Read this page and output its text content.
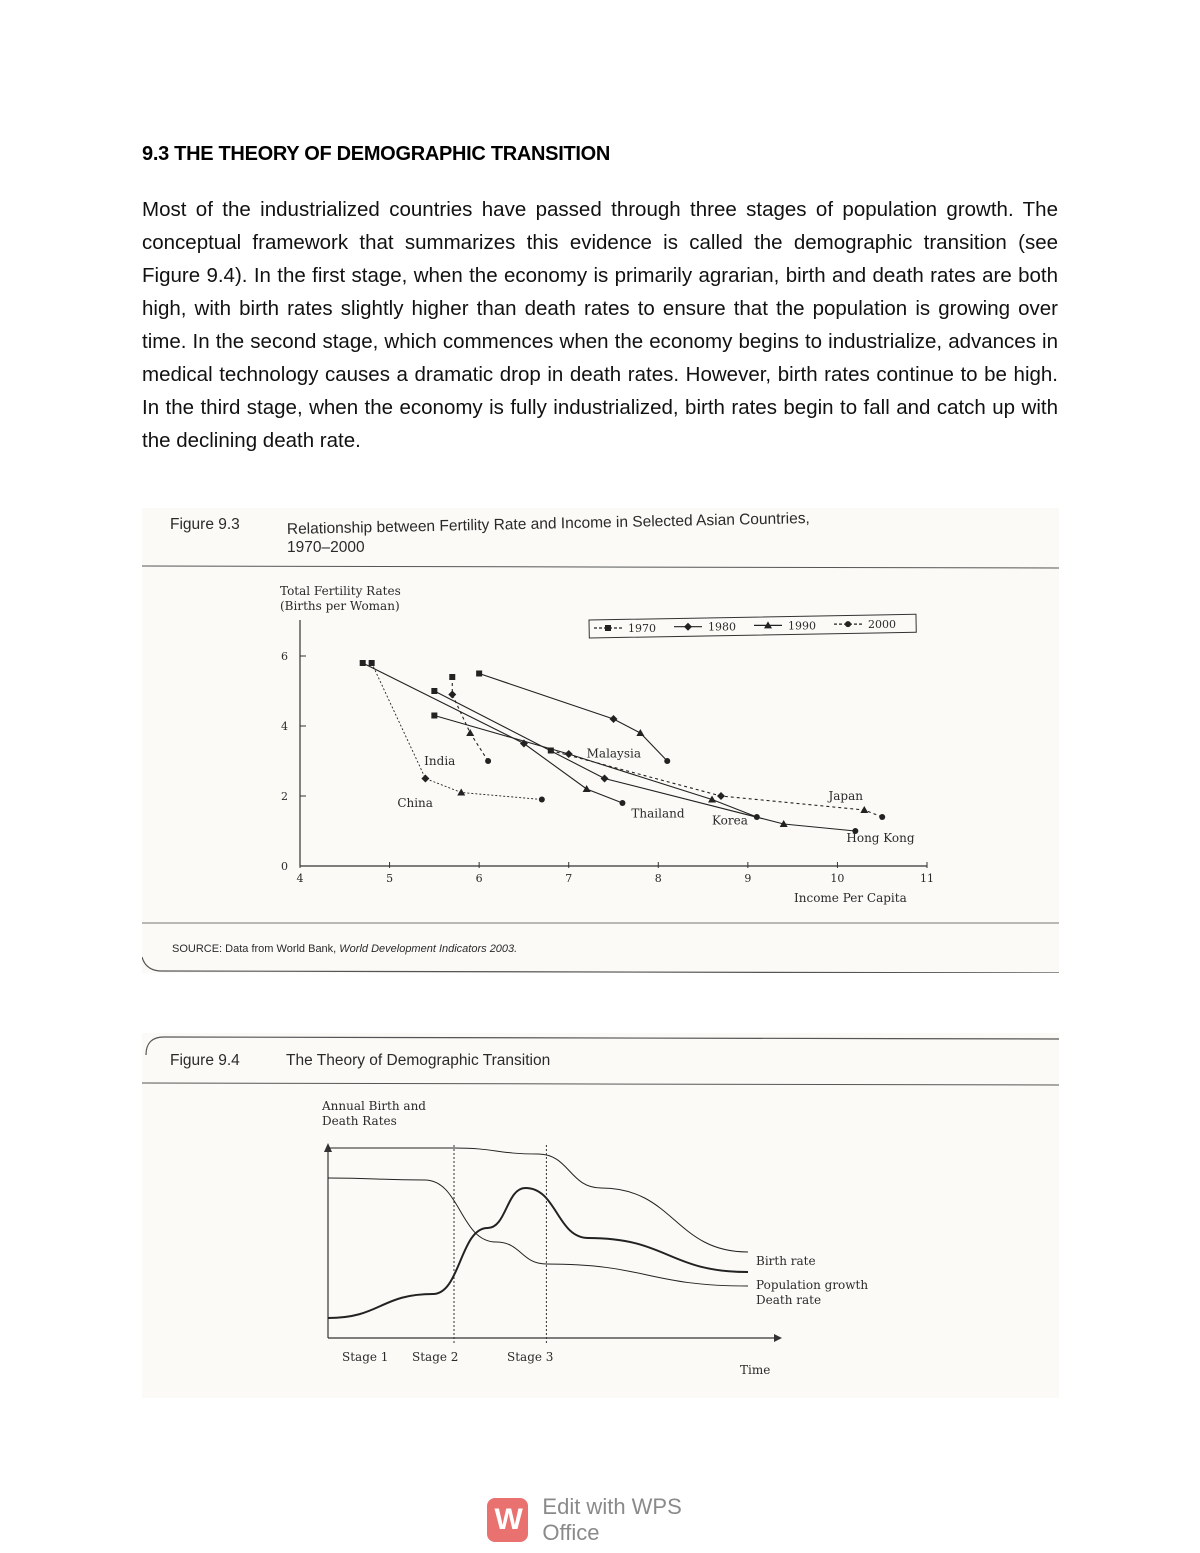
9.3 THE THEORY OF DEMOGRAPHIC TRANSITION
Most of the industrialized countries have passed through three stages of population growth. The conceptual framework that summarizes this evidence is called the demographic transition (see Figure 9.4). In the first stage, when the economy is primarily agrarian, birth and death rates are both high, with birth rates slightly higher than death rates to ensure that the population is growing over time. In the second stage, which commences when the economy begins to industrialize, advances in medical technology causes a dramatic drop in death rates. However, birth rates continue to be high. In the third stage, when the economy is fully industrialized, birth rates begin to fall and catch up with the declining death rate.
Figure 9.3	Relationship between Fertility Rate and Income in Selected Asian Countries,
1970–2000
SOURCE: Data from World Bank, World Development Indicators 2003.
Total Fertility Rates
(Births per Woman)
4	5	6	7	8	9	10	11
0
2
4
6
1970	1980	1990	2000
India
China
Malaysia
Thailand Korea
Japan
Hong Kong
Income Per Capita
Figure 9.4	The Theory of Demographic Transition
Annual Birth and
Death Rates
Birth rate
Population growth
Death rate
Stage 1 Stage 2	Stage 3
Time
W Edit with WPS Office
